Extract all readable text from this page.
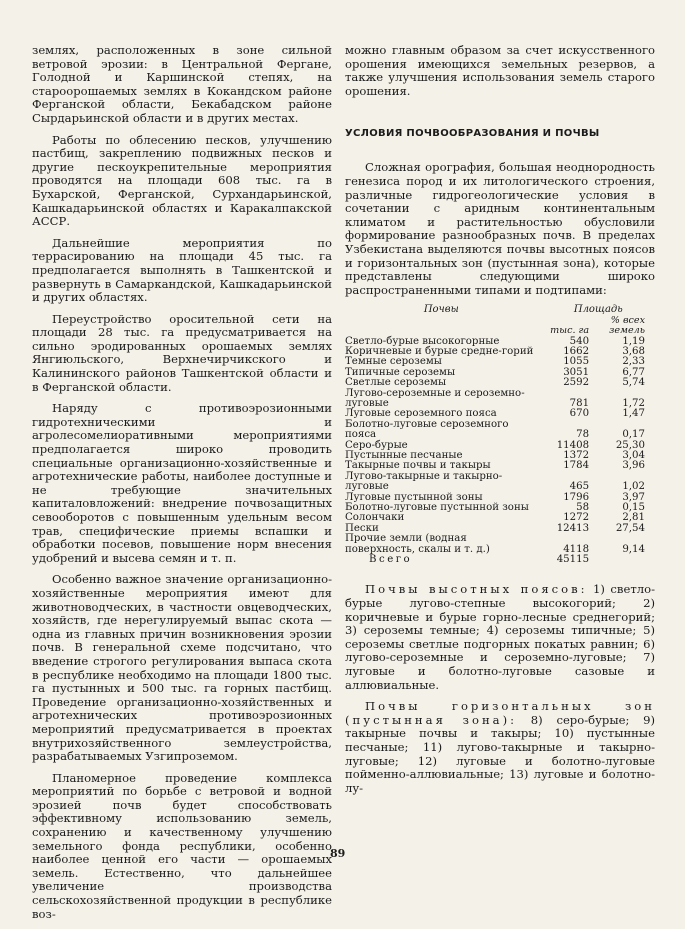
землях, расположенных в зоне сильной ветровой эрозии: в Центральной Фергане, Голодной и Каршинской степях, на староорошаемых землях в Кокандском районе Ферганской области, Бекабадском районе Сырдарьинской области и в других местах.

Работы по облесению песков, улучшению пастбищ, закреплению подвижных песков и другие пескоукрепительные мероприятия проводятся на площади 608 тыс. га в Бухарской, Ферганской, Сурхандарьинской, Кашкадарьинской областях и Каракалпакской АССР.

Дальнейшие мероприятия по террасированию на площади 45 тыс. га предполагается выполнять в Ташкентской и развернуть в Самаркандской, Кашкадарьинской и других областях.

Переустройство оросительной сети на площади 28 тыс. га предусматривается на сильно эродированных орошаемых землях Янгиюльского, Верхнечирчикского и Калининского районов Ташкентской области и в Ферганской области.

Наряду с противоэрозионными гидротехническими и агролесомелиоративными мероприятиями предполагается широко проводить специальные организационно-хозяйственные и агротехнические работы, наиболее доступные и не требующие значительных капиталовложений: внедрение почвозащитных севооборотов с повышенным удельным весом трав, специфические приемы вспашки и обработки посевов, повышение норм внесения удобрений и высева семян и т. п.

Особенно важное значение организационно-хозяйственные мероприятия имеют для животноводческих, в частности овцеводческих, хозяйств, где нерегулируемый выпас скота — одна из главных причин возникновения эрозии почв. В генеральной схеме подсчитано, что введение строгого регулирования выпаса скота в республике необходимо на площади 1800 тыс. га пустынных и 500 тыс. га горных пастбищ. Проведение организационно-хозяйственных и агротехнических противоэрозионных мероприятий предусматривается в проектах внутрихозяйственного землеустройства, разрабатываемых Узгипроземом.

Планомерное проведение комплекса мероприятий по борьбе с ветровой и водной эрозией почв будет способствовать эффективному использованию земель, сохранению и качественному улучшению земельного фонда республики, особенно наиболее ценной его части — орошаемых земель. Естественно, что дальнейшее увеличение производства сельскохозяйственной продукции в республике воз-

можно главным образом за счет искусственного орошения имеющихся земельных резервов, а также улучшения использования земель старого орошения.

УСЛОВИЯ ПОЧВООБРАЗОВАНИЯ И ПОЧВЫ

Сложная орография, большая неоднородность генезиса пород и их литологического строения, различные гидрогеологические условия в сочетании с аридным континентальным климатом и растительностью обусловили формирование разнообразных почв. В пределах Узбекистана выделяются почвы высотных поясов и горизонтальных зон (пустынная зона), которые представлены следующими широко распространенными типами и подтипами:

Почвы	Площадь	
	тыс. га	% всех земель
Светло-бурые высокогорные	540	1,19
Коричневые и бурые средне-горий	1662	3,68
Темные сероземы	1055	2,33
Типичные сероземы	3051	6,77
Светлые сероземы	2592	5,74
Лугово-сероземные и сероземно-луговые	781	1,72
Луговые сероземного пояса	670	1,47
Болотно-луговые сероземного пояса	78	0,17
Серо-бурые	11408	25,30
Пустынные песчаные	1372	3,04
Такырные почвы и такыры	1784	3,96
Лугово-такырные и такырно-луговые	465	1,02
Луговые пустынной зоны	1796	3,97
Болотно-луговые пустынной зоны	58	0,15
Солончаки	1272	2,81
Пески	12413	27,54
Прочие земли (водная поверхность, скалы и т. д.)	4118	9,14
Всего	45115	

Почвы высотных поясов: 1) светло-бурые лугово-степные высокогорий; 2) коричневые и бурые горно-лесные среднегорий; 3) сероземы темные; 4) сероземы типичные; 5) сероземы светлые подгорных покатых равнин; 6) лугово-сероземные и сероземно-луговые; 7) луговые и болотно-луговые сазовые и аллювиальные.

Почвы горизонтальных зон (пустынная зона): 8) серо-бурые; 9) такырные почвы и такыры; 10) пустынные песчаные; 11) лугово-такырные и такырно-луговые; 12) луговые и болотно-луговые пойменно-аллювиальные; 13) луговые и болотно-лу-

89
